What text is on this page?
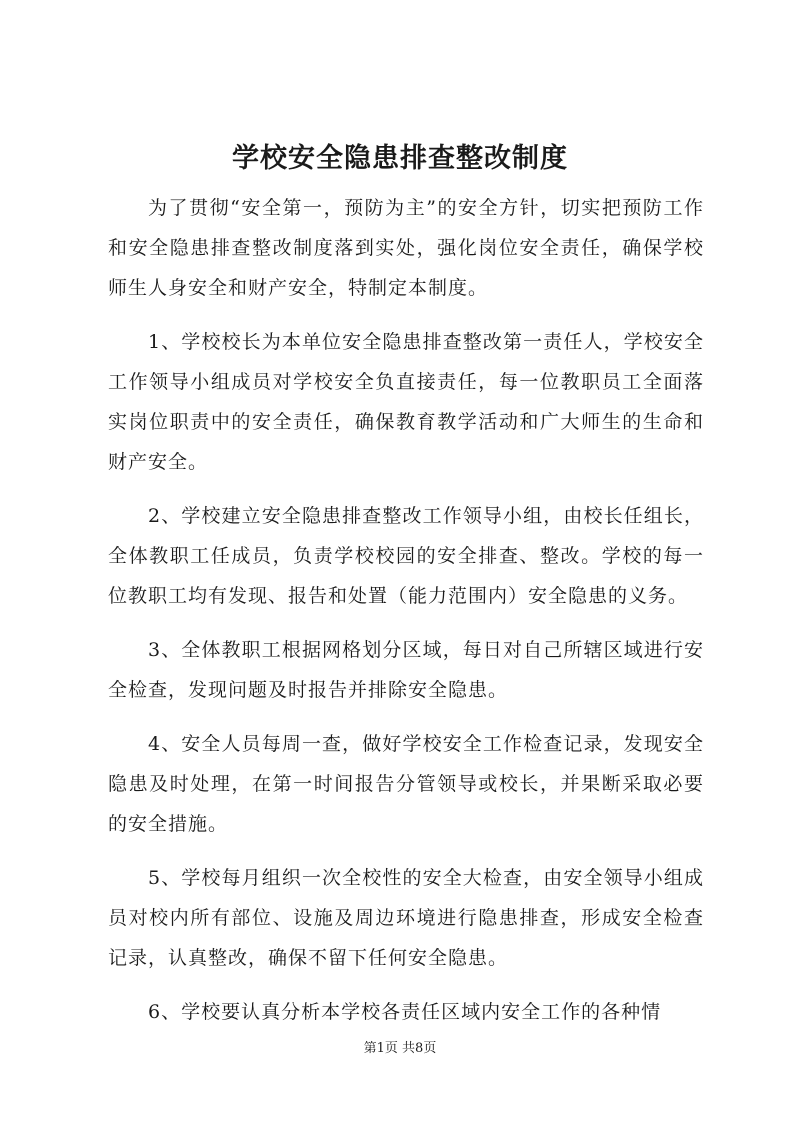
学校安全隐患排查整改制度

为了贯彻“安全第一，预防为主”的安全方针，切实把预防工作和安全隐患排查整改制度落到实处，强化岗位安全责任，确保学校师生人身安全和财产安全，特制定本制度。

1、学校校长为本单位安全隐患排查整改第一责任人，学校安全工作领导小组成员对学校安全负直接责任，每一位教职员工全面落实岗位职责中的安全责任，确保教育教学活动和广大师生的生命和财产安全。

2、学校建立安全隐患排查整改工作领导小组，由校长任组长，全体教职工任成员，负责学校校园的安全排查、整改。学校的每一位教职工均有发现、报告和处置（能力范围内）安全隐患的义务。

3、全体教职工根据网格划分区域，每日对自己所辖区域进行安全检查，发现问题及时报告并排除安全隐患。

4、安全人员每周一查，做好学校安全工作检查记录，发现安全隐患及时处理，在第一时间报告分管领导或校长，并果断采取必要的安全措施。

5、学校每月组织一次全校性的安全大检查，由安全领导小组成员对校内所有部位、设施及周边环境进行隐患排查，形成安全检查记录，认真整改，确保不留下任何安全隐患。

6、学校要认真分析本学校各责任区域内安全工作的各种情

第1页 共8页
